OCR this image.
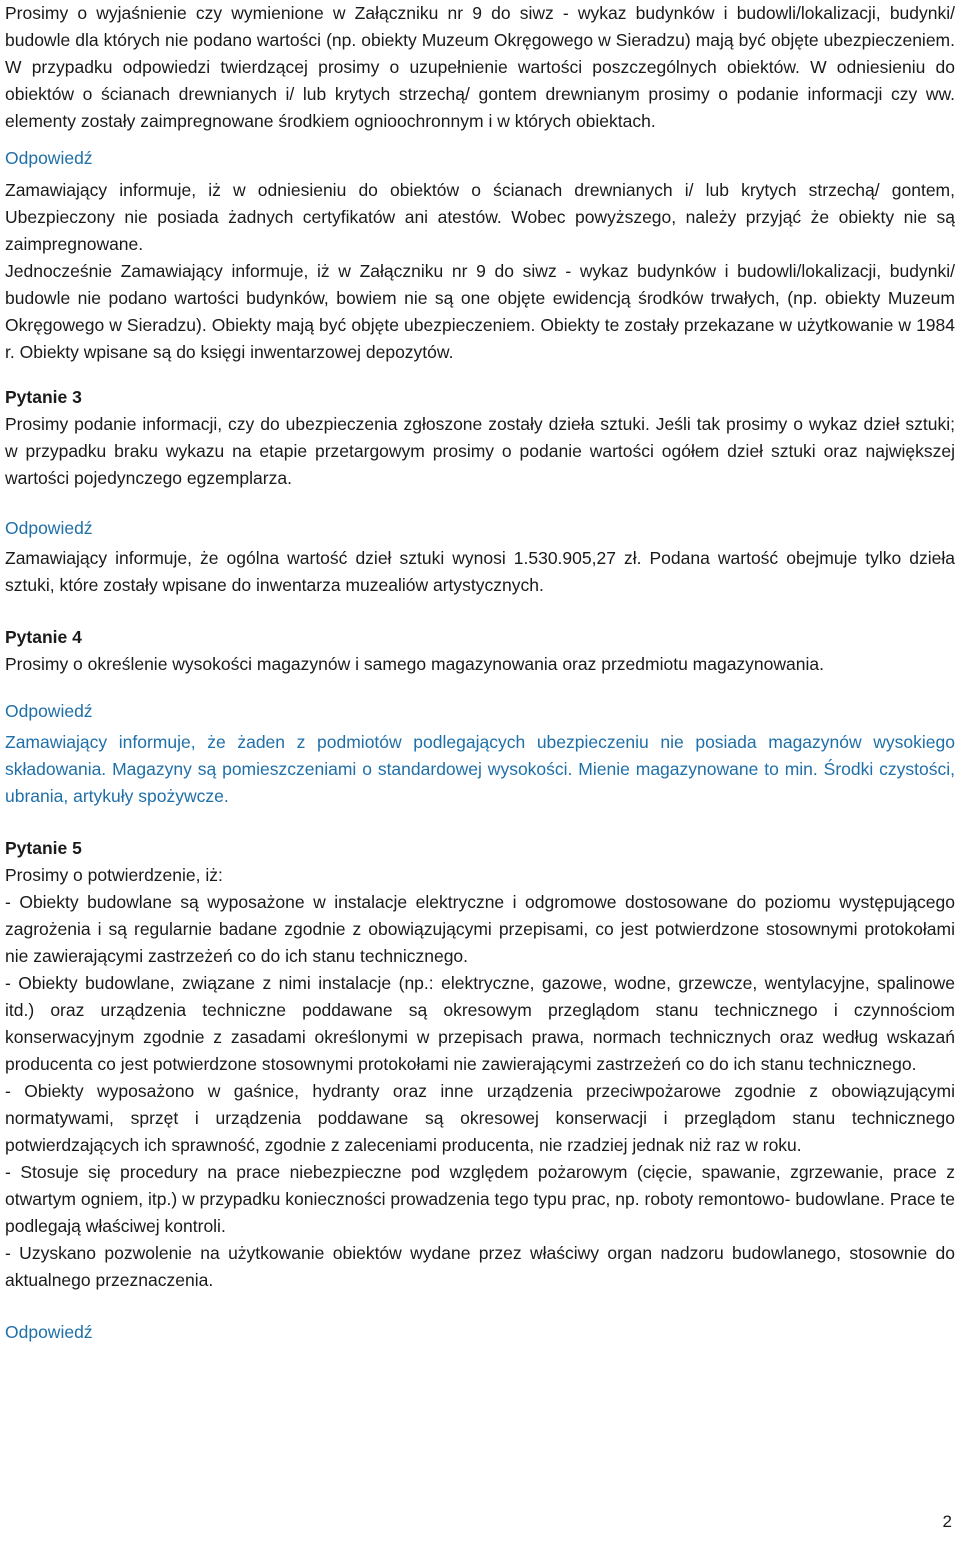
Prosimy o wyjaśnienie czy wymienione w Załączniku nr 9 do siwz - wykaz budynków i budowli/lokalizacji, budynki/ budowle dla których nie podano wartości (np. obiekty Muzeum Okręgowego w Sieradzu) mają być objęte ubezpieczeniem. W przypadku odpowiedzi twierdzącej prosimy o uzupełnienie wartości poszczególnych obiektów. W odniesieniu do obiektów o ścianach drewnianych i/ lub krytych strzechą/ gontem drewnianym prosimy o podanie informacji czy ww. elementy zostały zaimpregnowane środkiem ognioochronnym i w których obiektach.

Odpowiedź

Zamawiający informuje, iż w odniesieniu do obiektów o ścianach drewnianych i/ lub krytych strzechą/ gontem, Ubezpieczony nie posiada żadnych certyfikatów ani atestów. Wobec powyższego, należy przyjąć że obiekty nie są zaimpregnowane.

Jednocześnie Zamawiający informuje, iż w Załączniku nr 9 do siwz - wykaz budynków i budowli/lokalizacji, budynki/ budowle nie podano wartości budynków, bowiem nie są one objęte ewidencją środków trwałych, (np. obiekty Muzeum Okręgowego w Sieradzu). Obiekty mają być objęte ubezpieczeniem. Obiekty te zostały przekazane w użytkowanie w 1984 r. Obiekty wpisane są do księgi inwentarzowej depozytów.

Pytanie 3

Prosimy podanie informacji, czy do ubezpieczenia zgłoszone zostały dzieła sztuki. Jeśli tak prosimy o wykaz dzieł sztuki; w przypadku braku wykazu na etapie przetargowym prosimy o podanie wartości ogółem dzieł sztuki oraz największej wartości pojedynczego egzemplarza.

Odpowiedź

Zamawiający informuje, że ogólna wartość dzieł sztuki wynosi 1.530.905,27 zł. Podana wartość obejmuje tylko dzieła sztuki, które zostały wpisane do inwentarza muzealiów artystycznych.

Pytanie 4

Prosimy o określenie wysokości magazynów i samego magazynowania oraz przedmiotu magazynowania.

Odpowiedź

Zamawiający informuje, że żaden z podmiotów podlegających ubezpieczeniu nie posiada magazynów wysokiego składowania. Magazyny są pomieszczeniami o standardowej wysokości. Mienie magazynowane to min. Środki czystości, ubrania, artykuły spożywcze.

Pytanie 5

Prosimy o potwierdzenie, iż:

- Obiekty budowlane są wyposażone w instalacje elektryczne i odgromowe dostosowane do poziomu występującego zagrożenia i są regularnie badane zgodnie z obowiązującymi przepisami, co jest potwierdzone stosownymi protokołami nie zawierającymi zastrzeżeń co do ich stanu technicznego.

- Obiekty budowlane, związane z nimi instalacje (np.: elektryczne, gazowe, wodne, grzewcze, wentylacyjne, spalinowe itd.) oraz urządzenia techniczne poddawane są okresowym przeglądom stanu technicznego i czynnościom konserwacyjnym zgodnie z zasadami określonymi w przepisach prawa, normach technicznych oraz według wskazań producenta co jest potwierdzone stosownymi protokołami nie zawierającymi zastrzeżeń co do ich stanu technicznego.

- Obiekty wyposażono w gaśnice, hydranty oraz inne urządzenia przeciwpożarowe zgodnie z obowiązującymi normatywami, sprzęt i urządzenia poddawane są okresowej konserwacji i przeglądom stanu technicznego potwierdzających ich sprawność, zgodnie z zaleceniami producenta, nie rzadziej jednak niż raz w roku.

- Stosuje się procedury na prace niebezpieczne pod względem pożarowym (cięcie, spawanie, zgrzewanie, prace z otwartym ogniem, itp.) w przypadku konieczności prowadzenia tego typu prac, np. roboty remontowo- budowlane. Prace te podlegają właściwej kontroli.

- Uzyskano pozwolenie na użytkowanie obiektów wydane przez właściwy organ nadzoru budowlanego, stosownie do aktualnego przeznaczenia.

Odpowiedź

2
